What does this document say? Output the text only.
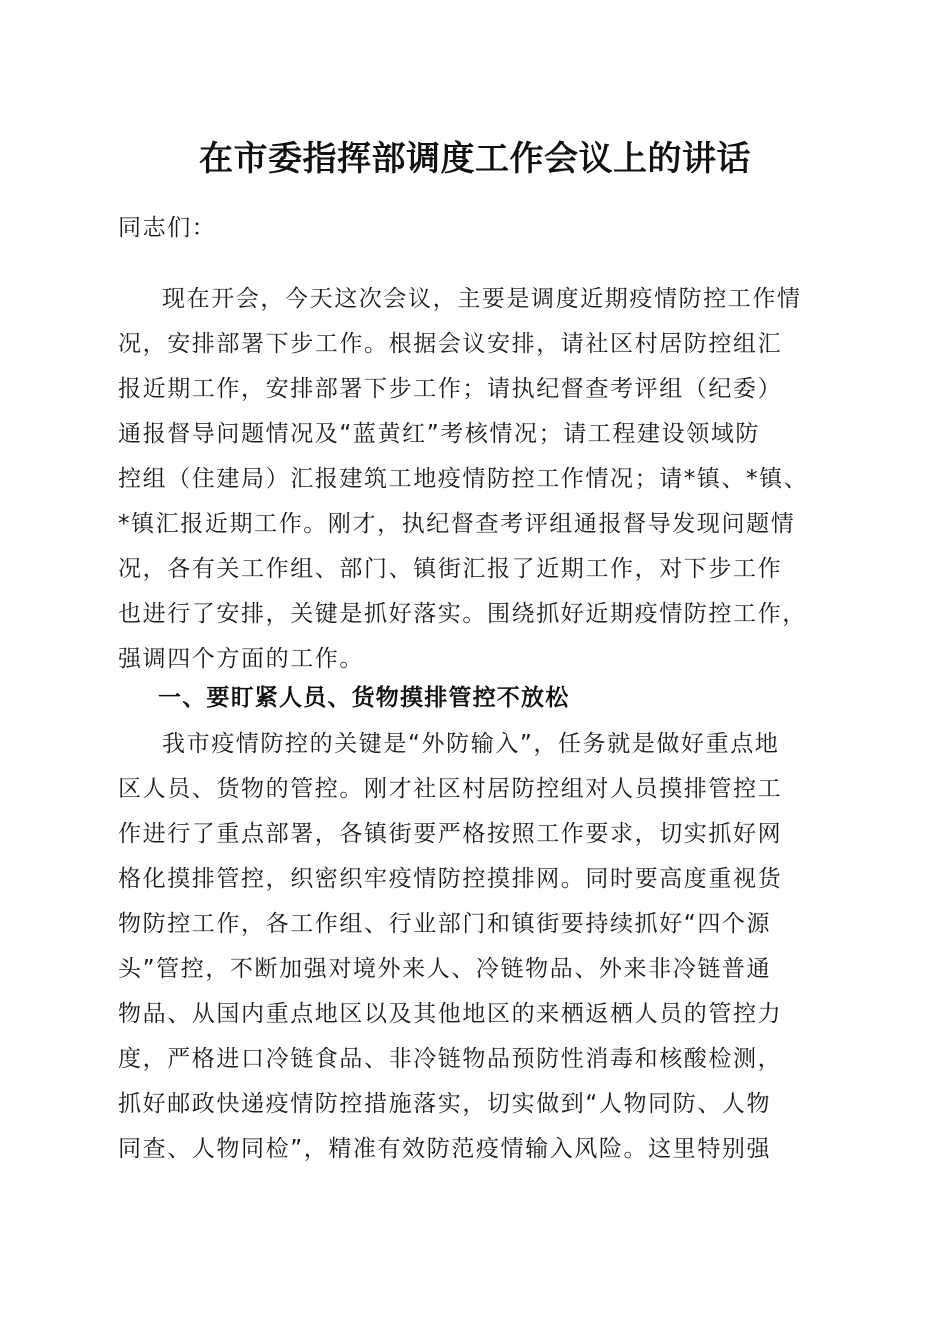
在市委指挥部调度工作会议上的讲话

同志们：

现在开会，今天这次会议，主要是调度近期疫情防控工作情
况，安排部署下步工作。根据会议安排，请社区村居防控组汇
报近期工作，安排部署下步工作；请执纪督查考评组（纪委）
通报督导问题情况及“蓝黄红”考核情况；请工程建设领域防
控组（住建局）汇报建筑工地疫情防控工作情况；请*镇、*镇、
*镇汇报近期工作。刚才，执纪督查考评组通报督导发现问题情
况，各有关工作组、部门、镇街汇报了近期工作，对下步工作
也进行了安排，关键是抓好落实。围绕抓好近期疫情防控工作，
强调四个方面的工作。
一、要盯紧人员、货物摸排管控不放松
我市疫情防控的关键是“外防输入”，任务就是做好重点地
区人员、货物的管控。刚才社区村居防控组对人员摸排管控工
作进行了重点部署，各镇街要严格按照工作要求，切实抓好网
格化摸排管控，织密织牢疫情防控摸排网。同时要高度重视货
物防控工作，各工作组、行业部门和镇街要持续抓好“四个源
头”管控，不断加强对境外来人、冷链物品、外来非冷链普通
物品、从国内重点地区以及其他地区的来栖返栖人员的管控力
度，严格进口冷链食品、非冷链物品预防性消毒和核酸检测，
抓好邮政快递疫情防控措施落实，切实做到“人物同防、人物
同查、人物同检”，精准有效防范疫情输入风险。这里特别强
